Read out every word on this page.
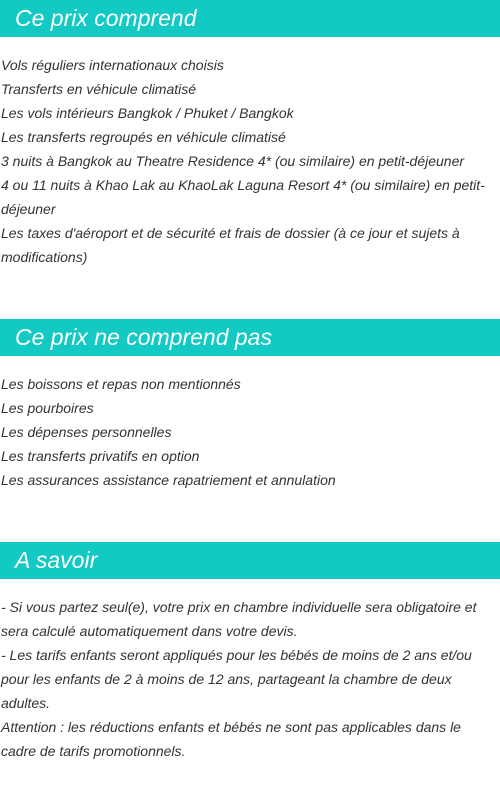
Ce prix comprend

Vols réguliers internationaux choisis

Transferts en véhicule climatisé

Les vols intérieurs Bangkok / Phuket / Bangkok

Les transferts regroupés en véhicule climatisé

3 nuits à Bangkok au Theatre Residence 4* (ou similaire) en petit-déjeuner

4 ou 11 nuits à Khao Lak au KhaoLak Laguna Resort 4* (ou similaire) en petit-déjeuner

Les taxes d'aéroport et de sécurité et frais de dossier (à ce jour et sujets à modifications)

Ce prix ne comprend pas

Les boissons et repas non mentionnés

Les pourboires

Les dépenses personnelles

Les transferts privatifs en option

Les assurances assistance rapatriement et annulation

A savoir

- Si vous partez seul(e), votre prix en chambre individuelle sera obligatoire et sera calculé automatiquement dans votre devis.

- Les tarifs enfants seront appliqués pour les bébés de moins de 2 ans et/ou pour les enfants de 2 à moins de 12 ans, partageant la chambre de deux adultes.

Attention : les réductions enfants et bébés ne sont pas applicables dans le cadre de tarifs promotionnels.
